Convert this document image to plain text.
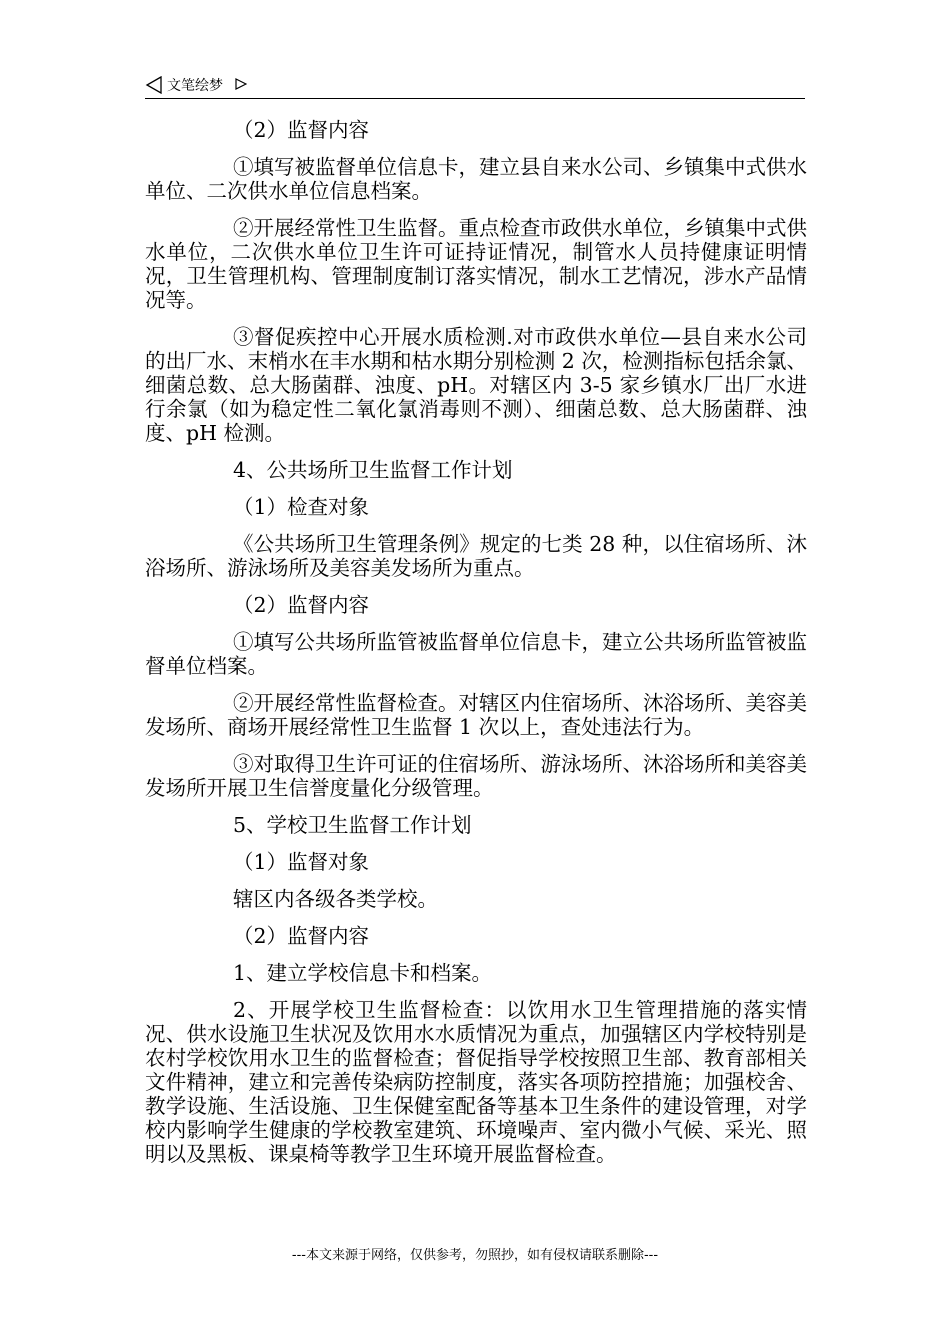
文笔绘梦

（2）监督内容

①填写被监督单位信息卡，建立县自来水公司、乡镇集中式供水单位、二次供水单位信息档案。

②开展经常性卫生监督。重点检查市政供水单位，乡镇集中式供水单位，二次供水单位卫生许可证持证情况，制管水人员持健康证明情况，卫生管理机构、管理制度制订落实情况，制水工艺情况，涉水产品情况等。

③督促疾控中心开展水质检测.对市政供水单位—县自来水公司的出厂水、末梢水在丰水期和枯水期分别检测 2 次，检测指标包括余氯、细菌总数、总大肠菌群、浊度、pH。对辖区内 3-5 家乡镇水厂出厂水进行余氯（如为稳定性二氧化氯消毒则不测）、细菌总数、总大肠菌群、浊度、pH 检测。

4、公共场所卫生监督工作计划

（1）检查对象

《公共场所卫生管理条例》规定的七类 28 种，以住宿场所、沐浴场所、游泳场所及美容美发场所为重点。

（2）监督内容

①填写公共场所监管被监督单位信息卡，建立公共场所监管被监督单位档案。

②开展经常性监督检查。对辖区内住宿场所、沐浴场所、美容美发场所、商场开展经常性卫生监督 1 次以上，查处违法行为。

③对取得卫生许可证的住宿场所、游泳场所、沐浴场所和美容美发场所开展卫生信誉度量化分级管理。

5、学校卫生监督工作计划

（1）监督对象

辖区内各级各类学校。

（2）监督内容

1、建立学校信息卡和档案。

2、开展学校卫生监督检查：以饮用水卫生管理措施的落实情况、供水设施卫生状况及饮用水水质情况为重点，加强辖区内学校特别是农村学校饮用水卫生的监督检查；督促指导学校按照卫生部、教育部相关文件精神，建立和完善传染病防控制度，落实各项防控措施；加强校舍、教学设施、生活设施、卫生保健室配备等基本卫生条件的建设管理，对学校内影响学生健康的学校教室建筑、环境噪声、室内微小气候、采光、照明以及黑板、课桌椅等教学卫生环境开展监督检查。

---本文来源于网络，仅供参考，勿照抄，如有侵权请联系删除---
